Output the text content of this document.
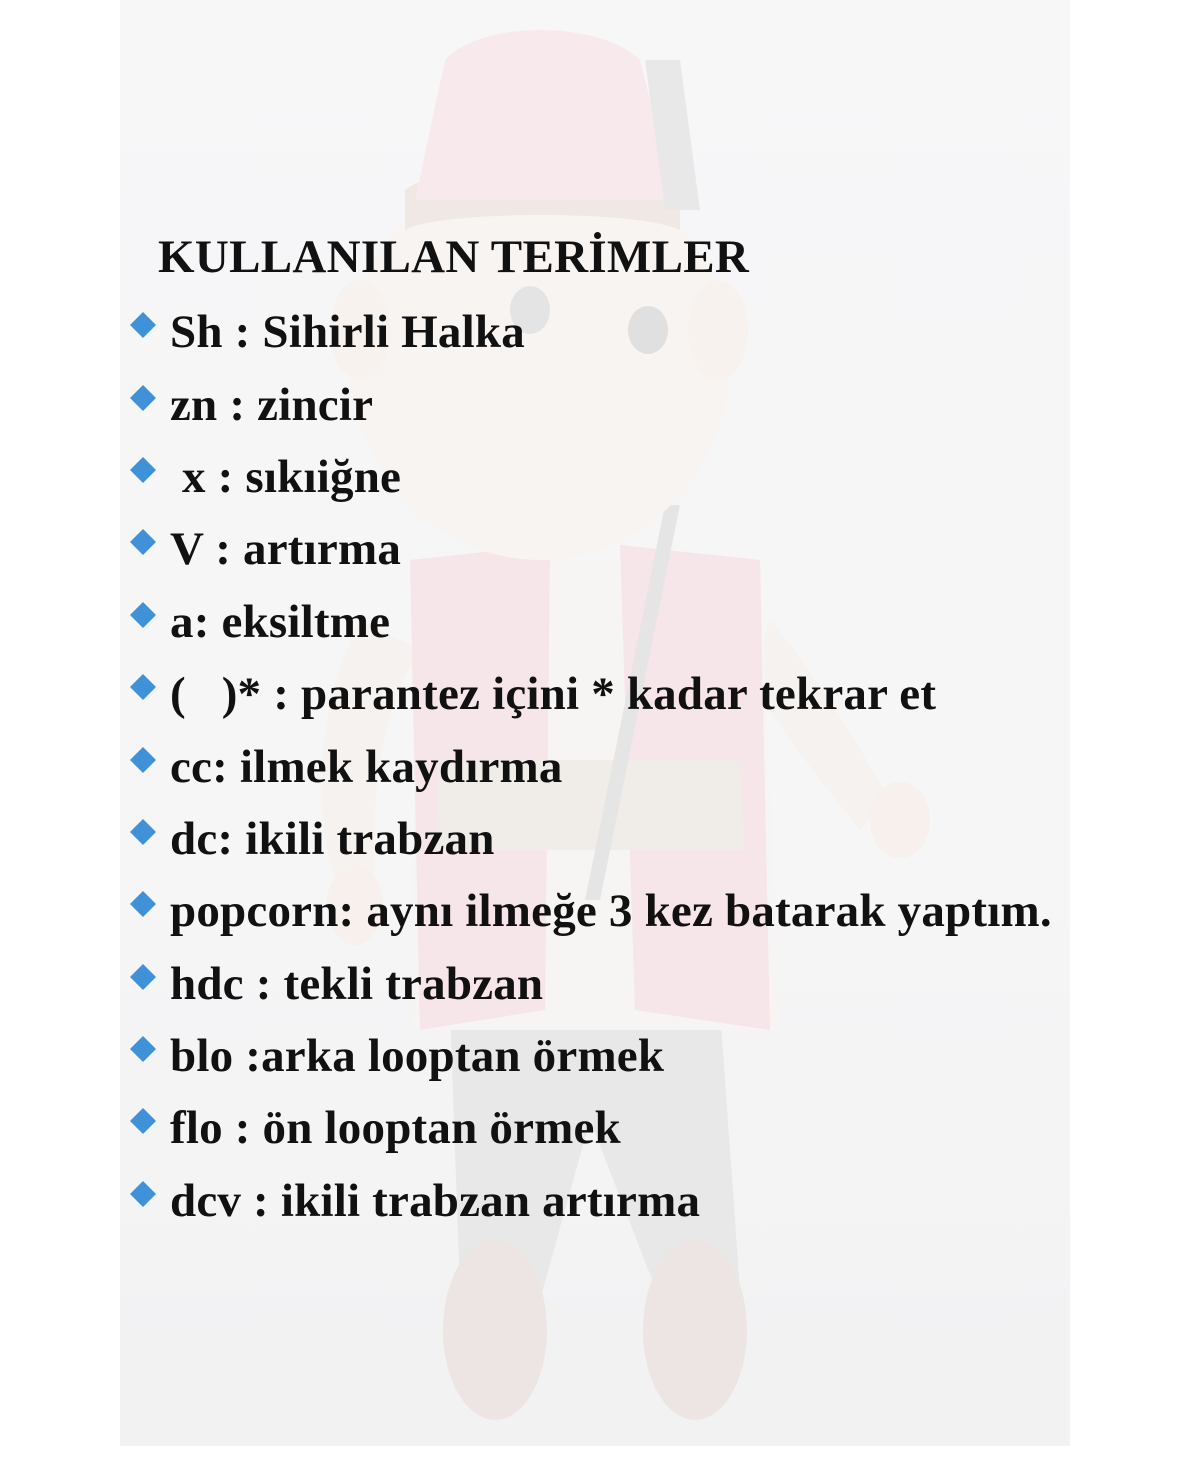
KULLANILAN TERİMLER
Sh : Sihirli Halka
zn : zincir
x : sıkıiğne
V : artırma
a: eksiltme
(   )* : parantez içini * kadar tekrar et
cc: ilmek kaydırma
dc: ikili trabzan
popcorn: aynı ilmeğe 3 kez batarak yaptım.
hdc : tekli trabzan
blo :arka looptan örmek
flo : ön looptan örmek
dcv : ikili trabzan artırma
